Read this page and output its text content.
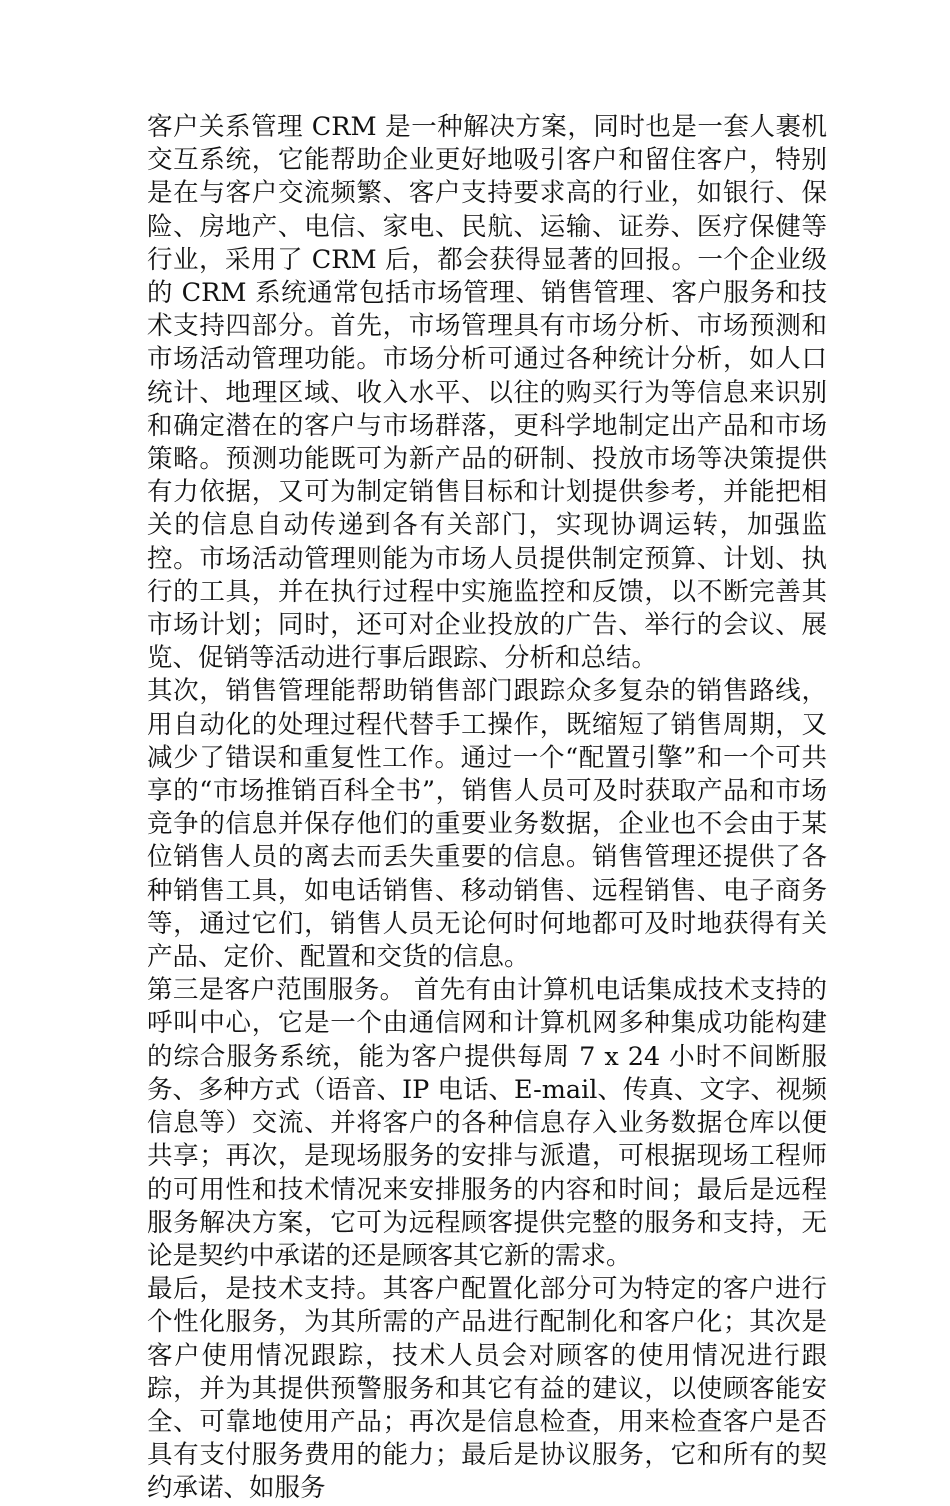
客户关系管理 CRM 是一种解决方案，同时也是一套人裹机交互系统，它能帮助企业更好地吸引客户和留住客户，特别是在与客户交流频繁、客户支持要求高的行业，如银行、保险、房地产、电信、家电、民航、运输、证券、医疗保健等行业，采用了 CRM 后，都会获得显著的回报。一个企业级的 CRM 系统通常包括市场管理、销售管理、客户服务和技术支持四部分。首先，市场管理具有市场分析、市场预测和市场活动管理功能。市场分析可通过各种统计分析，如人口统计、地理区域、收入水平、以往的购买行为等信息来识别和确定潜在的客户与市场群落，更科学地制定出产品和市场策略。预测功能既可为新产品的研制、投放市场等决策提供有力依据，又可为制定销售目标和计划提供参考，并能把相关的信息自动传递到各有关部门，实现协调运转，加强监控。市场活动管理则能为市场人员提供制定预算、计划、执行的工具，并在执行过程中实施监控和反馈，以不断完善其市场计划；同时，还可对企业投放的广告、举行的会议、展览、促销等活动进行事后跟踪、分析和总结。

其次，销售管理能帮助销售部门跟踪众多复杂的销售路线，用自动化的处理过程代替手工操作，既缩短了销售周期，又减少了错误和重复性工作。通过一个“配置引擎”和一个可共享的“市场推销百科全书”，销售人员可及时获取产品和市场竞争的信息并保存他们的重要业务数据，企业也不会由于某位销售人员的离去而丢失重要的信息。销售管理还提供了各种销售工具，如电话销售、移动销售、远程销售、电子商务等，通过它们，销售人员无论何时何地都可及时地获得有关产品、定价、配置和交货的信息。

第三是客户范围服务。 首先有由计算机电话集成技术支持的呼叫中心，它是一个由通信网和计算机网多种集成功能构建的综合服务系统，能为客户提供每周 7 x 24 小时不间断服务、多种方式（语音、IP 电话、E-mail、传真、文字、视频信息等）交流、并将客户的各种信息存入业务数据仓库以便共享；再次，是现场服务的安排与派遣，可根据现场工程师的可用性和技术情况来安排服务的内容和时间；最后是远程服务解决方案，它可为远程顾客提供完整的服务和支持，无论是契约中承诺的还是顾客其它新的需求。

最后，是技术支持。其客户配置化部分可为特定的客户进行个性化服务，为其所需的产品进行配制化和客户化；其次是客户使用情况跟踪，技术人员会对顾客的使用情况进行跟踪，并为其提供预警服务和其它有益的建议，以使顾客能安全、可靠地使用产品；再次是信息检查，用来检查客户是否具有支付服务费用的能力；最后是协议服务，它和所有的契约承诺、如服务
